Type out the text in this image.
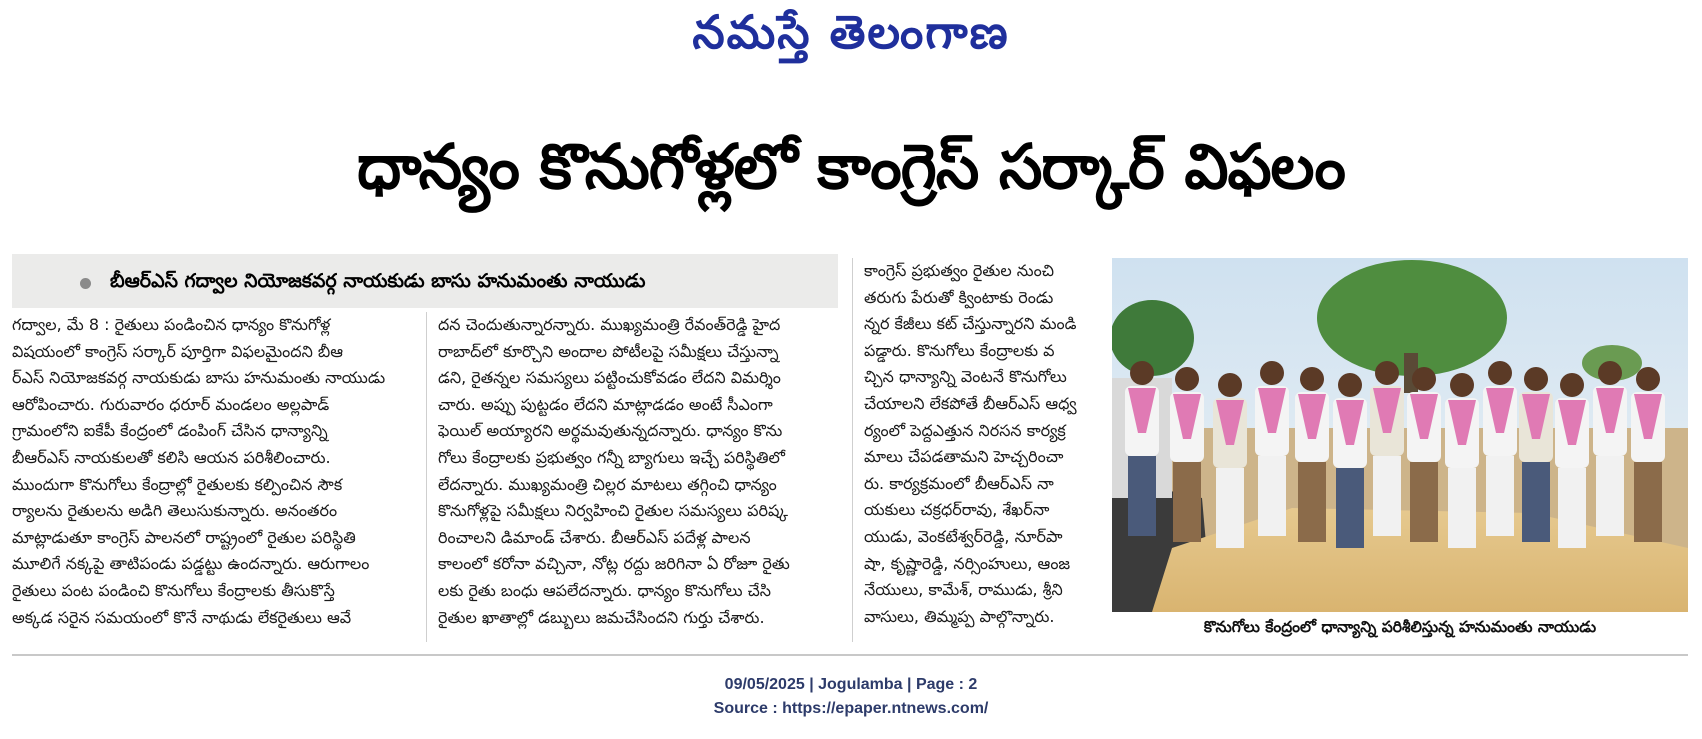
నమస్తే తెలంగాణ
ధాన్యం కొనుగోళ్లలో కాంగ్రెస్ సర్కార్ విఫలం
బీఆర్ఎస్ గద్వాల నియోజకవర్గ నాయకుడు బాసు హనుమంతు నాయుడు
గద్వాల, మే 8 : రైతులు పండించిన ధాన్యం కొనుగోళ్ల
విషయంలో కాంగ్రెస్ సర్కార్ పూర్తిగా విఫలమైందని బీఆ
ర్ఎస్ నియోజకవర్గ నాయకుడు బాసు హనుమంతు నాయుడు
ఆరోపించారు. గురువారం ధరూర్ మండలం అల్లపాడ్
గ్రామంలోని ఐకేపీ కేంద్రంలో డంపింగ్ చేసిన ధాన్యాన్ని
బీఆర్ఎస్ నాయకులతో కలిసి ఆయన పరిశీలించారు.
ముందుగా కొనుగోలు కేంద్రాల్లో రైతులకు కల్పించిన సౌక
ర్యాలను రైతులను అడిగి తెలుసుకున్నారు. అనంతరం
మాట్లాడుతూ కాంగ్రెస్ పాలనలో రాష్ట్రంలో రైతుల పరిస్థితి
మూలిగే నక్కపై తాటిపండు పడ్డట్టు ఉందన్నారు. ఆరుగాలం
రైతులు పంట పండించి కొనుగోలు కేంద్రాలకు తీసుకొస్తే
అక్కడ సరైన సమయంలో కొనే నాథుడు లేకరైతులు ఆవే
దన చెందుతున్నారన్నారు. ముఖ్యమంత్రి రేవంత్‌రెడ్డి హైద
రాబాద్‌లో కూర్చొని అందాల పోటీలపై సమీక్షలు చేస్తున్నా
డని, రైతన్నల సమస్యలు పట్టించుకోవడం లేదని విమర్శిం
చారు. అప్పు పుట్టడం లేదని మాట్లాడడం అంటే సీఎంగా
ఫెయిల్ అయ్యారని అర్థమవుతున్నదన్నారు. ధాన్యం కొను
గోలు కేంద్రాలకు ప్రభుత్వం గన్నీ బ్యాగులు ఇచ్చే పరిస్థితిలో
లేదన్నారు. ముఖ్యమంత్రి చిల్లర మాటలు తగ్గించి ధాన్యం
కొనుగోళ్లపై సమీక్షలు నిర్వహించి రైతుల సమస్యలు పరిష్క
రించాలని డిమాండ్ చేశారు. బీఆర్ఎస్ పదేళ్ల పాలన
కాలంలో కరోనా వచ్చినా, నోట్ల రద్దు జరిగినా ఏ రోజూ రైతు
లకు రైతు బంధు ఆపలేదన్నారు. ధాన్యం కొనుగోలు చేసి
రైతుల ఖాతాల్లో డబ్బులు జమచేసిందని గుర్తు చేశారు.
కాంగ్రెస్ ప్రభుత్వం రైతుల నుంచి
తరుగు పేరుతో క్వింటాకు రెండు
న్నర కేజీలు కట్ చేస్తున్నారని మండి
పడ్డారు. కొనుగోలు కేంద్రాలకు వ
చ్చిన ధాన్యాన్ని వెంటనే కొనుగోలు
చేయాలని లేకపోతే బీఆర్ఎస్ ఆధ్వ
ర్యంలో పెద్దఎత్తున నిరసన కార్యక్ర
మాలు చేపడతామని హెచ్చరించా
రు. కార్యక్రమంలో బీఆర్ఎస్ నా
యకులు చక్రధర్‌రావు, శేఖర్‌నా
యుడు, వెంకటేశ్వర్‌రెడ్డి, నూర్‌పా
షా, కృష్ణారెడ్డి, నర్సింహులు, ఆంజ
నేయులు, కామేశ్, రాముడు, శ్రీని
వాసులు, తిమ్మప్ప పాల్గొన్నారు.
కొనుగోలు కేంద్రంలో ధాన్యాన్ని పరిశీలిస్తున్న హనుమంతు నాయుడు
09/05/2025 | Jogulamba | Page : 2
Source : https://epaper.ntnews.com/
